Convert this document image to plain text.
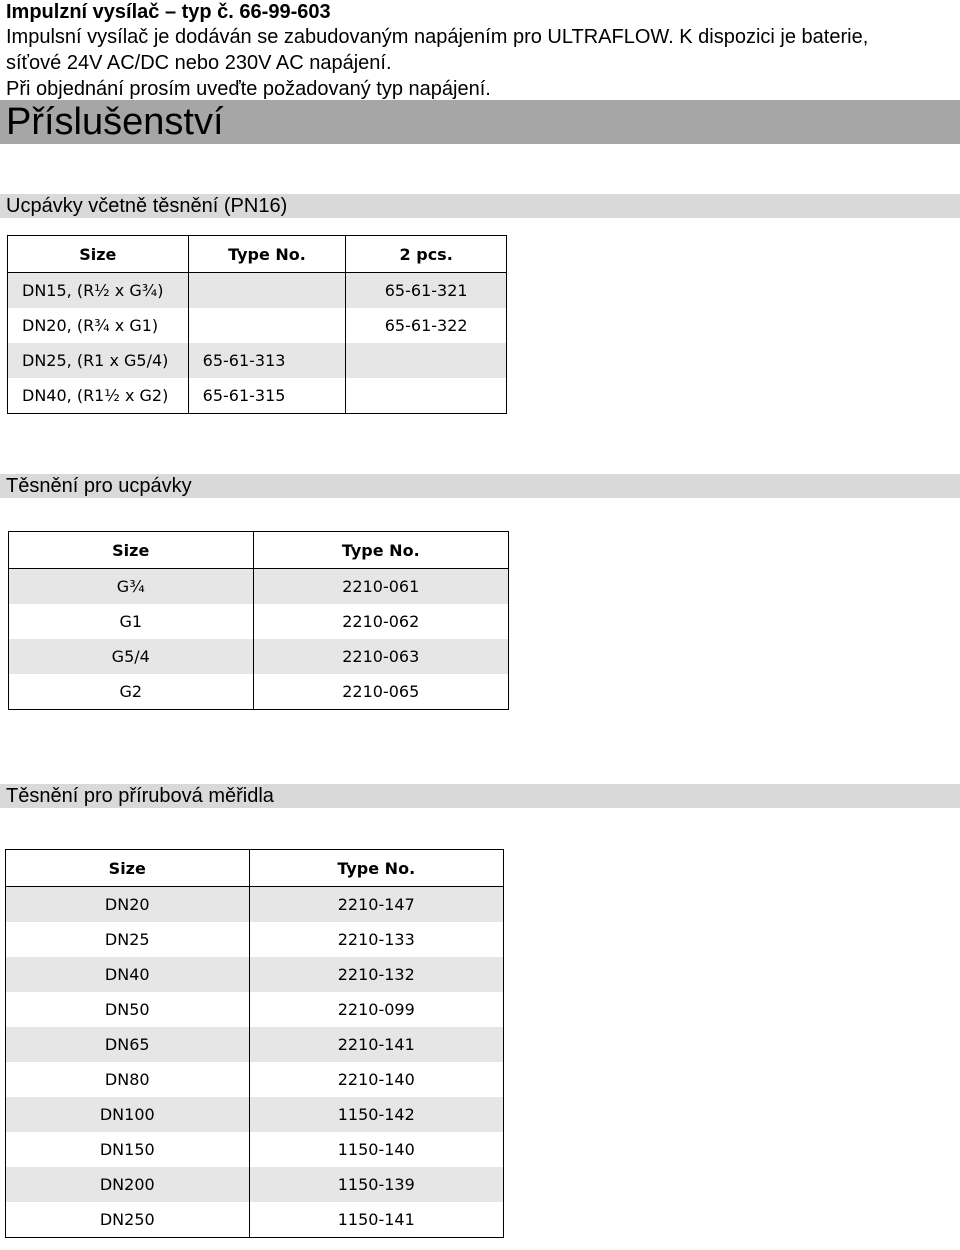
Impulzní vysílač – typ č. 66-99-603
Impulsní vysílač je dodáván se zabudovaným napájením pro ULTRAFLOW. K dispozici je baterie,
síťové 24V AC/DC nebo 230V AC napájení.
Při objednání prosím uveďte požadovaný typ napájení.
Příslušenství
Ucpávky včetně těsnění (PN16)
Size	Type No.	2 pcs.
DN15, (R½ x G¾)		65-61-321
DN20, (R¾ x G1)		65-61-322
DN25, (R1 x G5/4)	65-61-313	
DN40, (R1½ x G2)	65-61-315	
Těsnění pro ucpávky
Size	Type No.
G¾	2210-061
G1	2210-062
G5/4	2210-063
G2	2210-065
Těsnění pro přírubová měřidla
Size	Type No.
DN20	2210-147
DN25	2210-133
DN40	2210-132
DN50	2210-099
DN65	2210-141
DN80	2210-140
DN100	1150-142
DN150	1150-140
DN200	1150-139
DN250	1150-141
